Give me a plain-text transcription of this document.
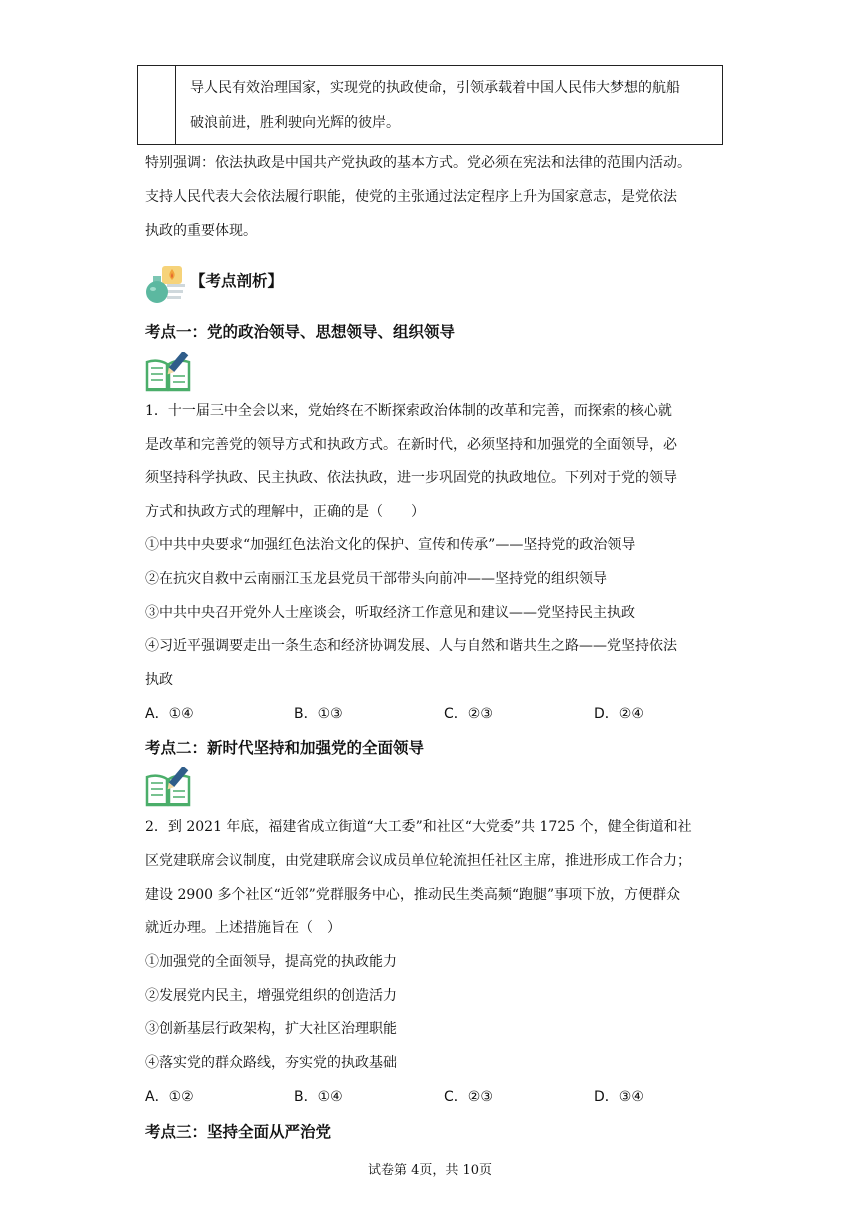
导人民有效治理国家，实现党的执政使命，引领承载着中国人民伟大梦想的航船
破浪前进，胜利驶向光辉的彼岸。
特别强调：依法执政是中国共产党执政的基本方式。党必须在宪法和法律的范围内活动。
支持人民代表大会依法履行职能，使党的主张通过法定程序上升为国家意志，是党依法
执政的重要体现。
【考点剖析】
考点一：党的政治领导、思想领导、组织领导
1．十一届三中全会以来，党始终在不断探索政治体制的改革和完善，而探索的核心就
是改革和完善党的领导方式和执政方式。在新时代，必须坚持和加强党的全面领导，必
须坚持科学执政、民主执政、依法执政，进一步巩固党的执政地位。下列对于党的领导
方式和执政方式的理解中，正确的是（　　）
①中共中央要求“加强红色法治文化的保护、宣传和传承”——坚持党的政治领导
②在抗灾自救中云南丽江玉龙县党员干部带头向前冲——坚持党的组织领导
③中共中央召开党外人士座谈会，听取经济工作意见和建议——党坚持民主执政
④习近平强调要走出一条生态和经济协调发展、人与自然和谐共生之路——党坚持依法
执政
A．①④	B．①③	C．②③	D．②④
考点二：新时代坚持和加强党的全面领导
2．到 2021 年底，福建省成立街道“大工委”和社区“大党委”共 1725 个，健全街道和社
区党建联席会议制度，由党建联席会议成员单位轮流担任社区主席，推进形成工作合力；
建设 2900 多个社区“近邻”党群服务中心，推动民生类高频“跑腿”事项下放，方便群众
就近办理。上述措施旨在（　）
①加强党的全面领导，提高党的执政能力
②发展党内民主，增强党组织的创造活力
③创新基层行政架构，扩大社区治理职能
④落实党的群众路线，夯实党的执政基础
A．①②	B．①④	C．②③	D．③④
考点三：坚持全面从严治党
试卷第 4页，共 10页
